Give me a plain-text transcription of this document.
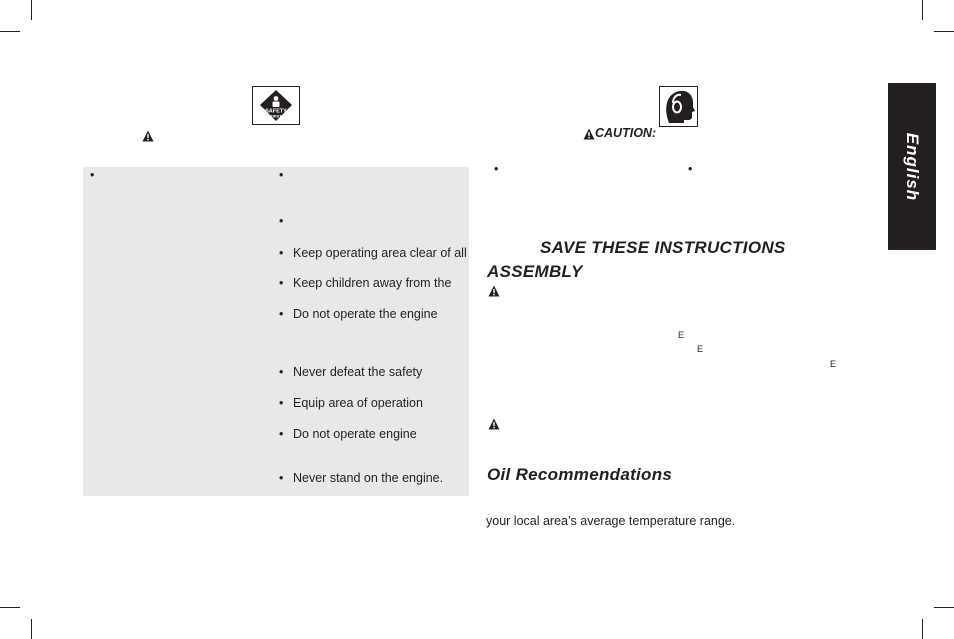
SAFETY
FIRST
•	•
•
• Keep operating area clear of all
• Keep children away from the
• Do not operate the engine
• Never defeat the safety
• Equip area of operation
• Do not operate engine
• Never stand on the engine.
CAUTION:
•	•
SAVE THESE INSTRUCTIONS
ASSEMBLY
E
E
E
Oil Recommendations
your local area’s average temperature range.
English
